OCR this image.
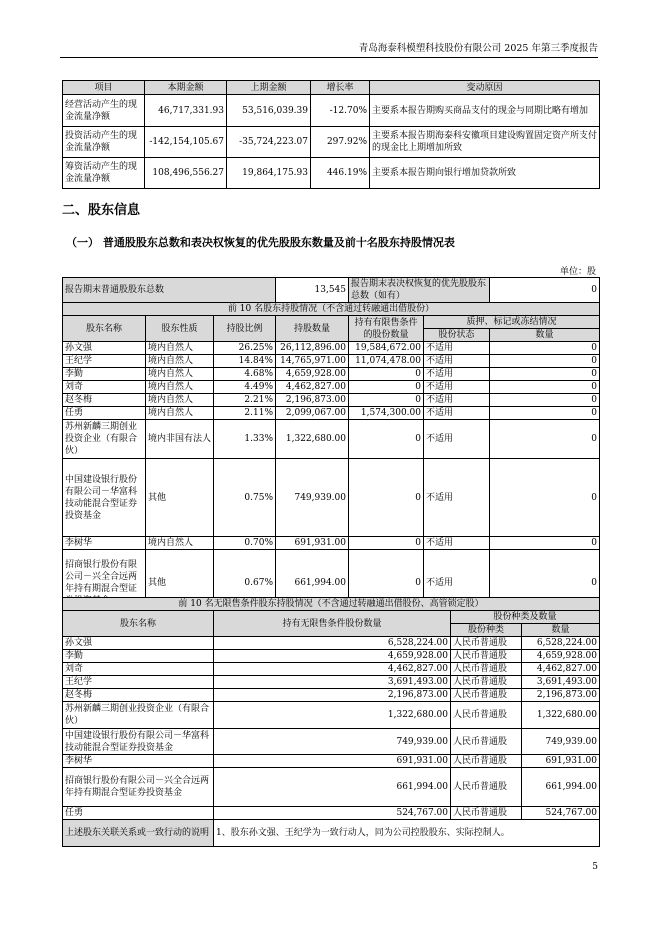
青岛海泰科模塑科技股份有限公司 2025 年第三季度报告
项目	本期金额	上期金额	增长率	变动原因
经营活动产生的现金流量净额	46,717,331.93	53,516,039.39	-12.70%	主要系本报告期购买商品支付的现金与同期比略有增加
投资活动产生的现金流量净额	-142,154,105.67	-35,724,223.07	297.92%	主要系本报告期海泰科安徽项目建设购置固定资产所支付的现金比上期增加所致
筹资活动产生的现金流量净额	108,496,556.27	19,864,175.93	446.19%	主要系本报告期向银行增加贷款所致
二、股东信息
（一） 普通股股东总数和表决权恢复的优先股股东数量及前十名股东持股情况表
单位：股
报告期末普通股股东总数			13,545	报告期末表决权恢复的优先股股东总数（如有）		0
前 10 名股东持股情况（不含通过转融通出借股份）						
股东名称	股东性质	持股比例	持股数量	持有有限售条件的股份数量	质押、标记或冻结情况	
					股份状态	数量
孙文强	境内自然人	26.25%	26,112,896.00	19,584,672.00	不适用	0
王纪学	境内自然人	14.84%	14,765,971.00	11,074,478.00	不适用	0
李勤	境内自然人	4.68%	4,659,928.00	0	不适用	0
刘奇	境内自然人	4.49%	4,462,827.00	0	不适用	0
赵冬梅	境内自然人	2.21%	2,196,873.00	0	不适用	0
任勇	境内自然人	2.11%	2,099,067.00	1,574,300.00	不适用	0
苏州新麟三期创业投资企业（有限合伙）	境内非国有法人	1.33%	1,322,680.00	0	不适用	0
中国建设银行股份有限公司－华富科技动能混合型证券投资基金	其他	0.75%	749,939.00	0	不适用	0
李树华	境内自然人	0.70%	691,931.00	0	不适用	0
招商银行股份有限公司－兴全合远两年持有期混合型证	其他	0.67%	661,994.00	0	不适用	0
前 10 名无限售条件股东持股情况（不含通过转融通出借股份、高管锁定股）			
股东名称	持有无限售条件股份数量	股份种类及数量	
		股份种类	数量
孙文强	6,528,224.00	人民币普通股	6,528,224.00
李勤	4,659,928.00	人民币普通股	4,659,928.00
刘奇	4,462,827.00	人民币普通股	4,462,827.00
王纪学	3,691,493.00	人民币普通股	3,691,493.00
赵冬梅	2,196,873.00	人民币普通股	2,196,873.00
苏州新麟三期创业投资企业（有限合伙）	1,322,680.00	人民币普通股	1,322,680.00
中国建设银行股份有限公司－华富科技动能混合型证券投资基金	749,939.00	人民币普通股	749,939.00
李树华	691,931.00	人民币普通股	691,931.00
招商银行股份有限公司－兴全合远两年持有期混合型证券投资基金	661,994.00	人民币普通股	661,994.00
任勇	524,767.00	人民币普通股	524,767.00
上述股东关联关系或一致行动的说明	1、股东孙文强、王纪学为一致行动人，同为公司控股股东、实际控制人。		
5
